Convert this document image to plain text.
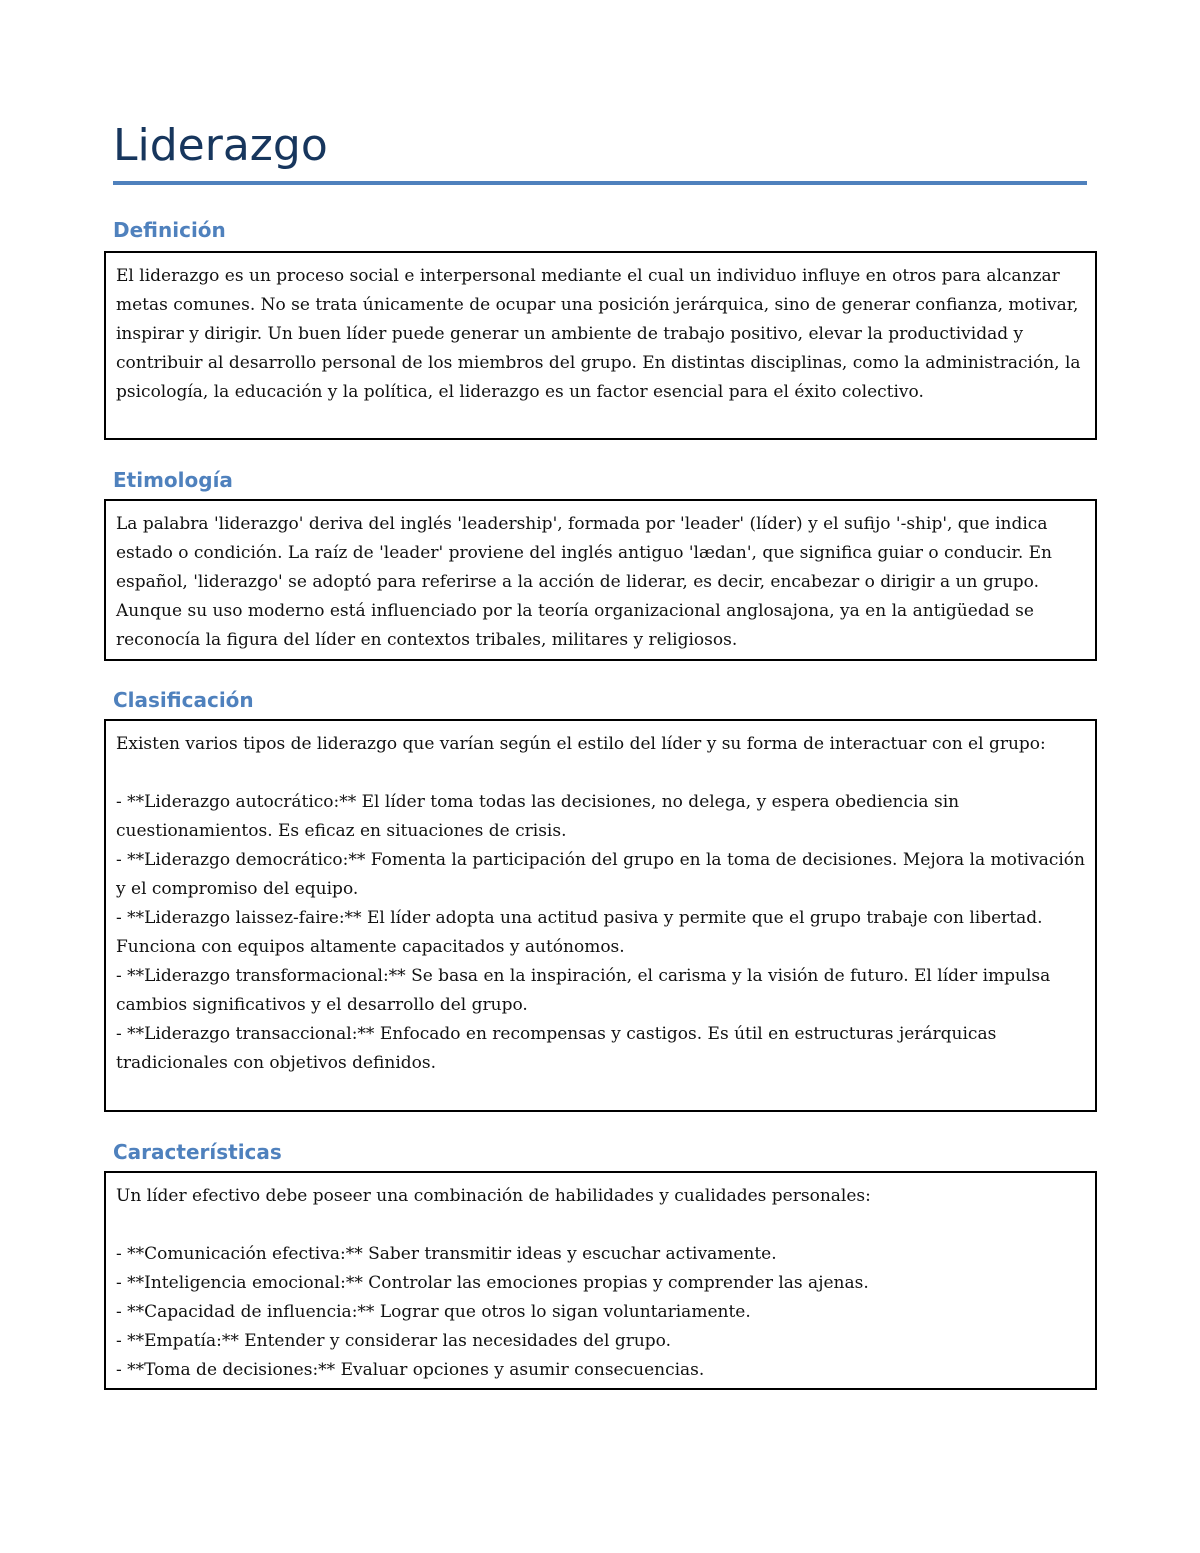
Liderazgo
Definición

El liderazgo es un proceso social e interpersonal mediante el cual un individuo influye en otros para alcanzar metas comunes. No se trata únicamente de ocupar una posición jerárquica, sino de generar confianza, motivar, inspirar y dirigir. Un buen líder puede generar un ambiente de trabajo positivo, elevar la productividad y contribuir al desarrollo personal de los miembros del grupo. En distintas disciplinas, como la administración, la psicología, la educación y la política, el liderazgo es un factor esencial para el éxito colectivo.

Etimología

La palabra 'liderazgo' deriva del inglés 'leadership', formada por 'leader' (líder) y el sufijo '-ship', que indica estado o condición. La raíz de 'leader' proviene del inglés antiguo 'lædan', que significa guiar o conducir. En español, 'liderazgo' se adoptó para referirse a la acción de liderar, es decir, encabezar o dirigir a un grupo. Aunque su uso moderno está influenciado por la teoría organizacional anglosajona, ya en la antigüedad se reconocía la figura del líder en contextos tribales, militares y religiosos.

Clasificación

Existen varios tipos de liderazgo que varían según el estilo del líder y su forma de interactuar con el grupo:

- **Liderazgo autocrático:** El líder toma todas las decisiones, no delega, y espera obediencia sin cuestionamientos. Es eficaz en situaciones de crisis.

- **Liderazgo democrático:** Fomenta la participación del grupo en la toma de decisiones. Mejora la motivación y el compromiso del equipo.

- **Liderazgo laissez-faire:** El líder adopta una actitud pasiva y permite que el grupo trabaje con libertad. Funciona con equipos altamente capacitados y autónomos.

- **Liderazgo transformacional:** Se basa en la inspiración, el carisma y la visión de futuro. El líder impulsa cambios significativos y el desarrollo del grupo.

- **Liderazgo transaccional:** Enfocado en recompensas y castigos. Es útil en estructuras jerárquicas tradicionales con objetivos definidos.

Características

Un líder efectivo debe poseer una combinación de habilidades y cualidades personales:

- **Comunicación efectiva:** Saber transmitir ideas y escuchar activamente.

- **Inteligencia emocional:** Controlar las emociones propias y comprender las ajenas.

- **Capacidad de influencia:** Lograr que otros lo sigan voluntariamente.

- **Empatía:** Entender y considerar las necesidades del grupo.

- **Toma de decisiones:** Evaluar opciones y asumir consecuencias.
